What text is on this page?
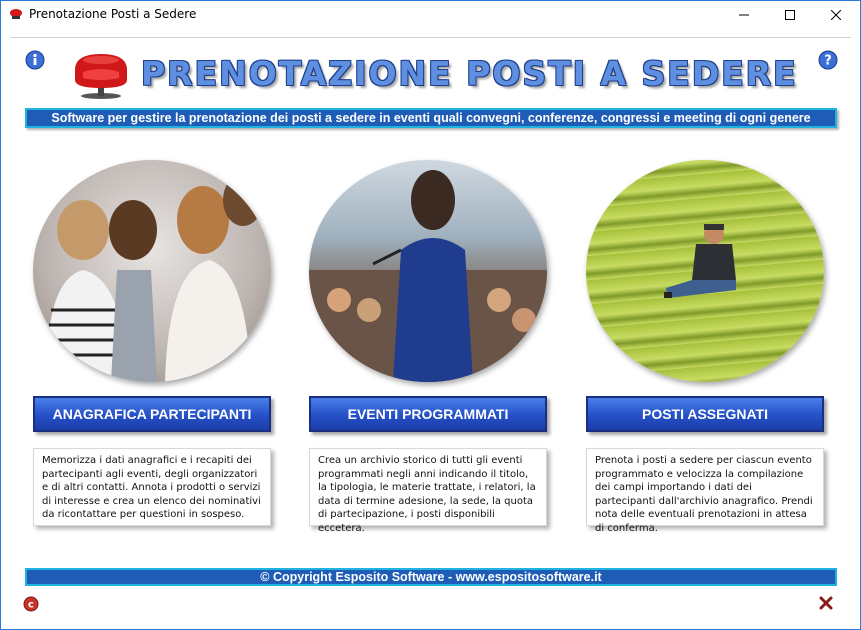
Prenotazione Posti a Sedere
?
PRENOTAZIONE POSTI A SEDERE
Software per gestire la prenotazione dei posti a sedere in eventi quali convegni, conferenze, congressi e meeting di ogni genere
ANAGRAFICA PARTECIPANTI	EVENTI PROGRAMMATI	POSTI ASSEGNATI
Memorizza i dati anagrafici e i recapiti dei partecipanti agli eventi, degli organizzatori e di altri contatti. Annota i prodotti o servizi di interesse e crea un elenco dei nominativi da ricontattare per questioni in sospeso.
Crea un archivio storico di tutti gli eventi programmati negli anni indicando il titolo, la tipologia, le materie trattate, i relatori, la data di termine adesione, la sede, la quota di partecipazione, i posti disponibili eccetera.
Prenota i posti a sedere per ciascun evento programmato e velocizza la compilazione dei campi importando i dati dei partecipanti dall'archivio anagrafico. Prendi nota delle eventuali prenotazioni in attesa di conferma.
© Copyright Esposito Software - www.espositosoftware.it
c
